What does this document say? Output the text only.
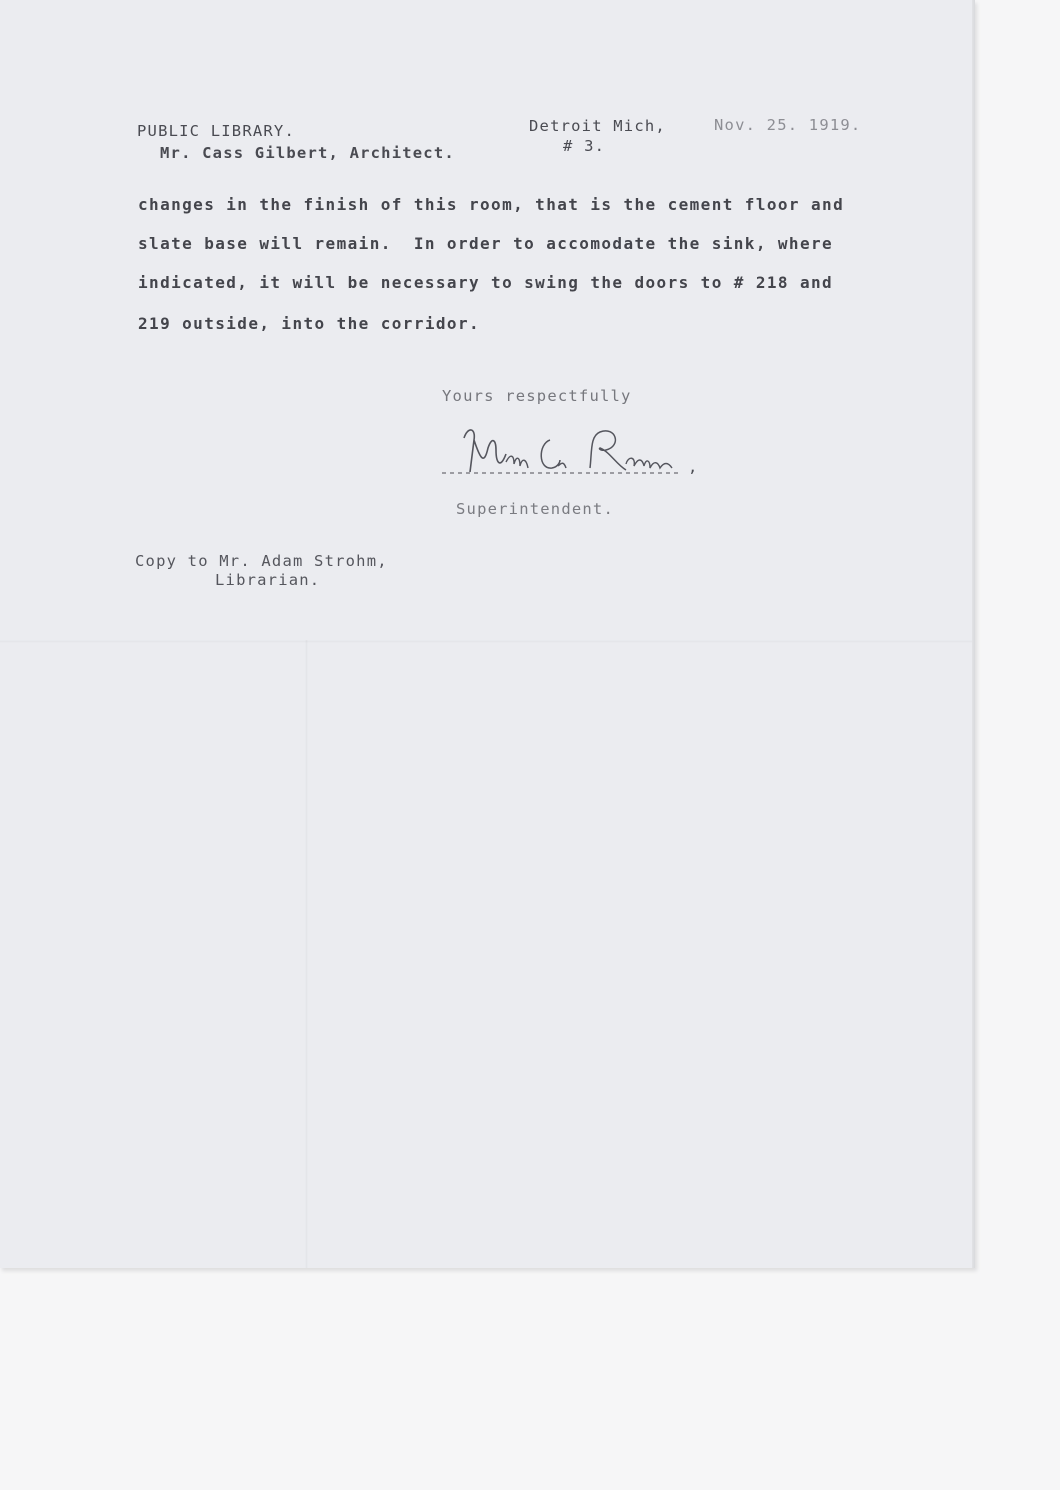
PUBLIC LIBRARY.	Detroit Mich,	Nov. 25. 1919.
Mr. Cass Gilbert, Architect.	# 3.
changes in the finish of this room, that is the cement floor and
slate base will remain.  In order to accomodate the sink, where
indicated, it will be necessary to swing the doors to # 218 and
219 outside, into the corridor.
Yours respectfully
,
Superintendent.
Copy to Mr. Adam Strohm,
Librarian.
